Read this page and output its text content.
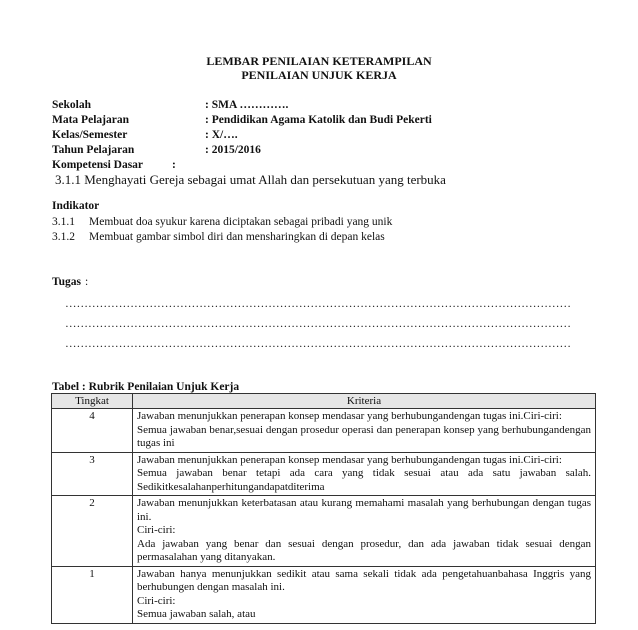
LEMBAR PENILAIAN KETERAMPILAN
PENILAIAN UNJUK KERJA
Sekolah	: SMA ………….
Mata Pelajaran	: Pendidikan Agama Katolik dan Budi Pekerti
Kelas/Semester	: X/….
Tahun Pelajaran	: 2015/2016
Kompetensi Dasar	:
3.1.1 Menghayati Gereja sebagai umat Allah dan persekutuan yang terbuka
Indikator
3.1.1 Membuat doa syukur karena diciptakan sebagai pribadi yang unik
3.1.2 Membuat gambar simbol diri dan mensharingkan di depan kelas
Tugas :
……………………………………………………………………………………………………………………
……………………………………………………………………………………………………………………
……………………………………………………………………………………………………………………
Tabel : Rubrik Penilaian Unjuk Kerja
Tingkat	Kriteria
4	Jawaban menunjukkan penerapan konsep mendasar yang berhubungandengan tugas ini.Ciri-ciri:
Semua jawaban benar,sesuai dengan prosedur operasi dan penerapan konsep yang berhubungandengan tugas ini

3	Jawaban menunjukkan penerapan konsep mendasar yang berhubungandengan tugas ini.Ciri-ciri:
Semua jawaban benar tetapi ada cara yang tidak sesuai atau ada satu jawaban salah. Sedikitkesalahanperhitungandapatditerima

2	Jawaban menunjukkan keterbatasan atau kurang memahami masalah yang berhubungan dengan tugas ini.
Ciri-ciri:
Ada jawaban yang benar dan sesuai dengan prosedur, dan ada jawaban tidak sesuai dengan permasalahan yang ditanyakan.

1	Jawaban hanya menunjukkan sedikit atau sama sekali tidak ada pengetahuanbahasa Inggris yang berhubungen dengan masalah ini.
Ciri-ciri:
Semua jawaban salah, atau
